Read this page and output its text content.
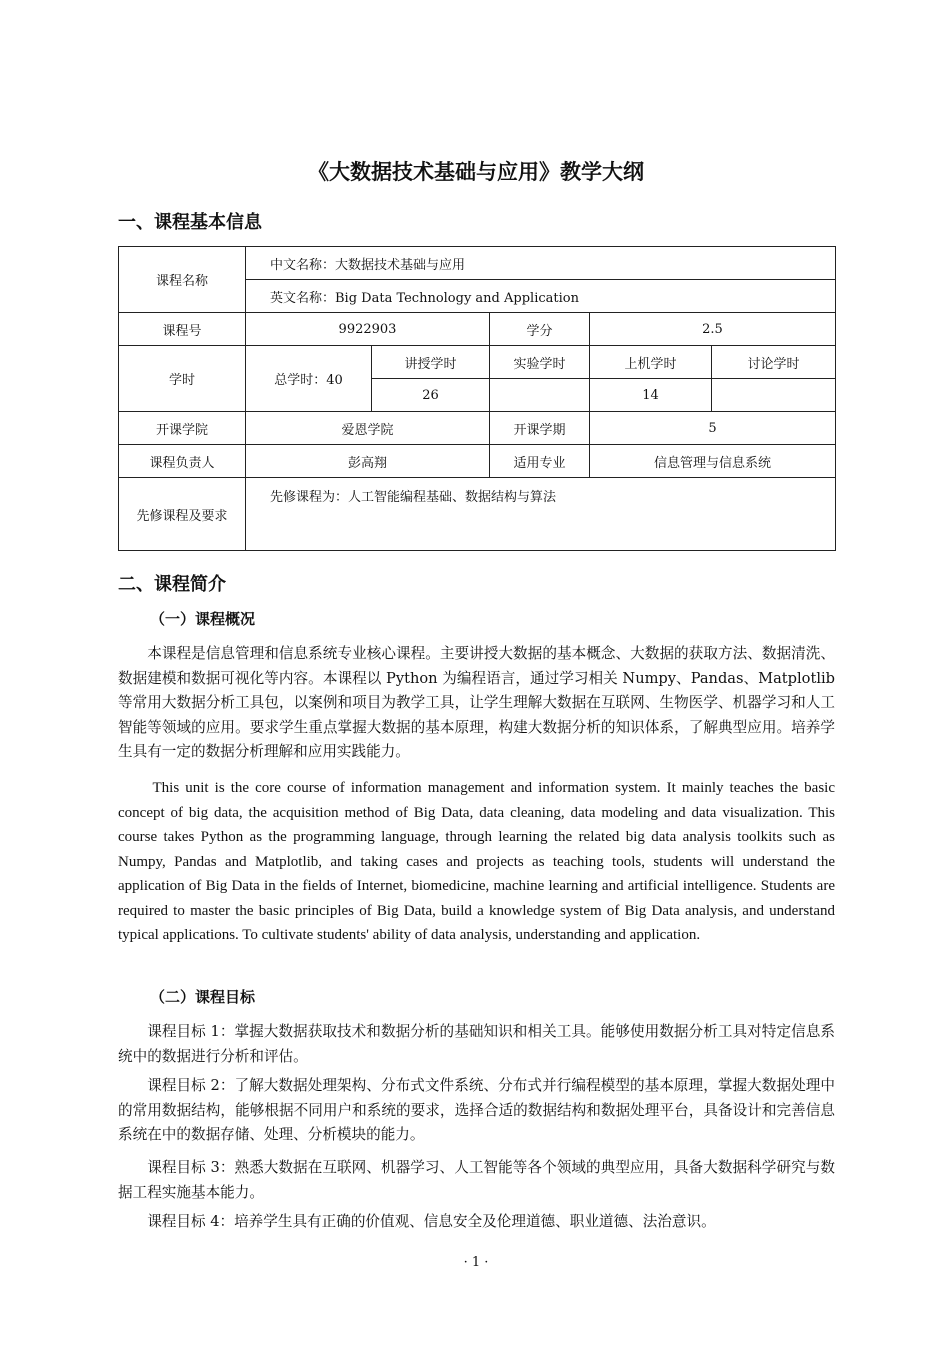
《大数据技术基础与应用》教学大纲
一、课程基本信息
课程名称	中文名称：大数据技术基础与应用				
	英文名称：Big Data Technology and Application				
课程号	9922903		学分	2.5	
学时	总学时：40	讲授学时	实验学时	上机学时	讨论学时
		26		14	
开课学院	爱恩学院		开课学期	5	
课程负责人	彭高翔		适用专业	信息管理与信息系统	
先修课程及要求	先修课程为：人工智能编程基础、数据结构与算法				
二、课程简介
（一）课程概况

本课程是信息管理和信息系统专业核心课程。主要讲授大数据的基本概念、大数据的获取方法、数据清洗、数据建模和数据可视化等内容。本课程以 Python 为编程语言，通过学习相关 Numpy、Pandas、Matplotlib 等常用大数据分析工具包，以案例和项目为教学工具，让学生理解大数据在互联网、生物医学、机器学习和人工智能等领域的应用。要求学生重点掌握大数据的基本原理，构建大数据分析的知识体系，了解典型应用。培养学生具有一定的数据分析理解和应用实践能力。

This unit is the core course of information management and information system. It mainly teaches the basic concept of big data, the acquisition method of Big Data, data cleaning, data modeling and data visualization. This course takes Python as the programming language, through learning the related big data analysis toolkits such as Numpy, Pandas and Matplotlib, and taking cases and projects as teaching tools, students will understand the application of Big Data in the fields of Internet, biomedicine, machine learning and artificial intelligence. Students are required to master the basic principles of Big Data, build a knowledge system of Big Data analysis, and understand typical applications. To cultivate students' ability of data analysis, understanding and application.

（二）课程目标

课程目标 1：掌握大数据获取技术和数据分析的基础知识和相关工具。能够使用数据分析工具对特定信息系统中的数据进行分析和评估。

课程目标 2：了解大数据处理架构、分布式文件系统、分布式并行编程模型的基本原理，掌握大数据处理中的常用数据结构，能够根据不同用户和系统的要求，选择合适的数据结构和数据处理平台，具备设计和完善信息系统在中的数据存储、处理、分析模块的能力。

课程目标 3：熟悉大数据在互联网、机器学习、人工智能等各个领域的典型应用，具备大数据科学研究与数据工程实施基本能力。

课程目标 4：培养学生具有正确的价值观、信息安全及伦理道德、职业道德、法治意识。

· 1 ·
